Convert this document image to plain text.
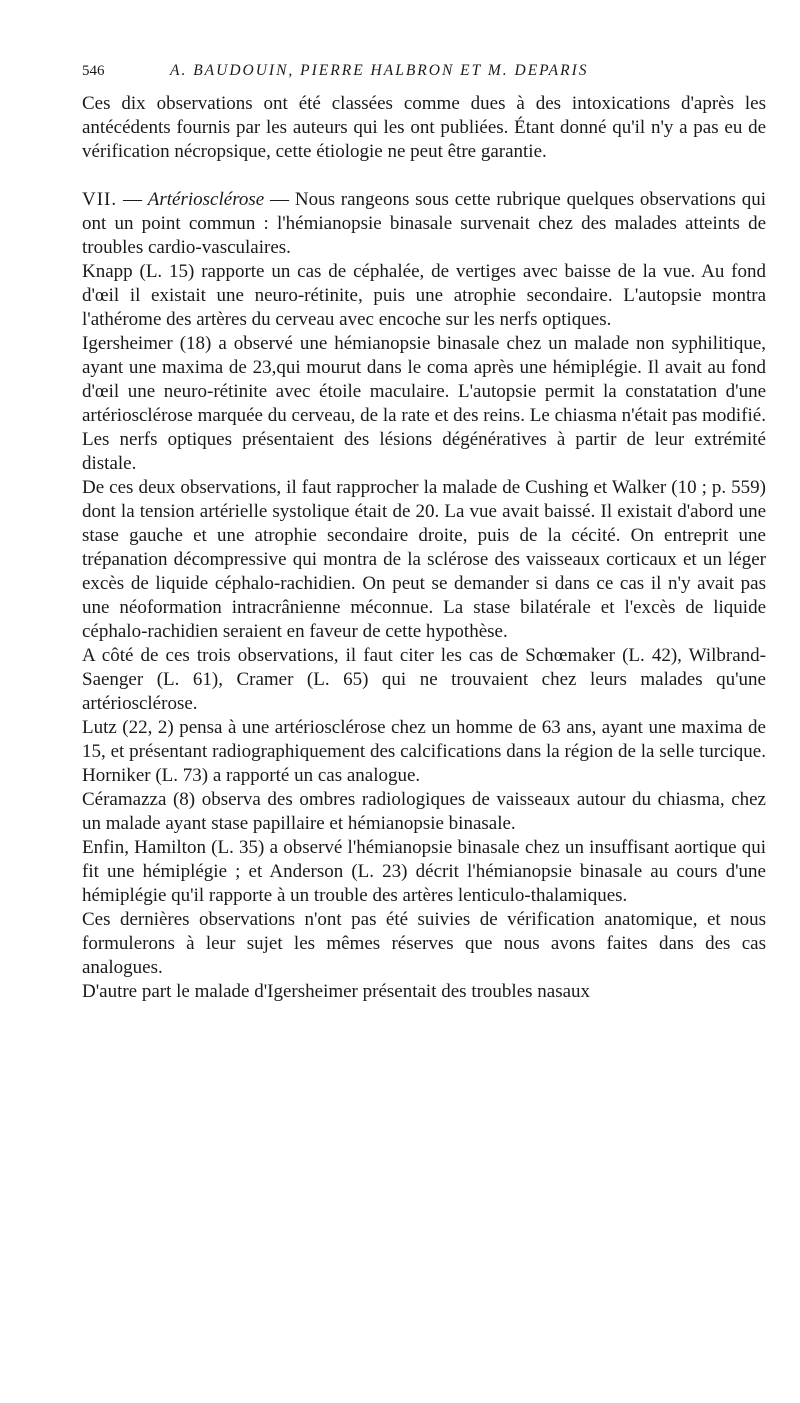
546	A. BAUDOUIN, PIERRE HALBRON ET M. DEPARIS

Ces dix observations ont été classées comme dues à des intoxications d'après les antécédents fournis par les auteurs qui les ont publiées. Étant donné qu'il n'y a pas eu de vérification nécropsique, cette étiologie ne peut être garantie.

VII. — Artériosclérose — Nous rangeons sous cette rubrique quelques observations qui ont un point commun : l'hémianopsie binasale survenait chez des malades atteints de troubles cardio-vasculaires.

Knapp (L. 15) rapporte un cas de céphalée, de vertiges avec baisse de la vue. Au fond d'œil il existait une neuro-rétinite, puis une atrophie secondaire. L'autopsie montra l'athérome des artères du cerveau avec encoche sur les nerfs optiques.

Igersheimer (18) a observé une hémianopsie binasale chez un malade non syphilitique, ayant une maxima de 23,qui mourut dans le coma après une hémiplégie. Il avait au fond d'œil une neuro-rétinite avec étoile maculaire. L'autopsie permit la constatation d'une artériosclérose marquée du cerveau, de la rate et des reins. Le chiasma n'était pas modifié. Les nerfs optiques présentaient des lésions dégénératives à partir de leur extrémité distale.

De ces deux observations, il faut rapprocher la malade de Cushing et Walker (10 ; p. 559) dont la tension artérielle systolique était de 20. La vue avait baissé. Il existait d'abord une stase gauche et une atrophie secondaire droite, puis de la cécité. On entreprit une trépanation décompressive qui montra de la sclérose des vaisseaux corticaux et un léger excès de liquide céphalo-rachidien. On peut se demander si dans ce cas il n'y avait pas une néoformation intracrânienne méconnue. La stase bilatérale et l'excès de liquide céphalo-rachidien seraient en faveur de cette hypothèse.

A côté de ces trois observations, il faut citer les cas de Schœmaker (L. 42), Wilbrand-Saenger (L. 61), Cramer (L. 65) qui ne trouvaient chez leurs malades qu'une artériosclérose.

Lutz (22, 2) pensa à une artériosclérose chez un homme de 63 ans, ayant une maxima de 15, et présentant radiographiquement des calcifications dans la région de la selle turcique. Horniker (L. 73) a rapporté un cas analogue.

Céramazza (8) observa des ombres radiologiques de vaisseaux autour du chiasma, chez un malade ayant stase papillaire et hémianopsie binasale.

Enfin, Hamilton (L. 35) a observé l'hémianopsie binasale chez un insuffisant aortique qui fit une hémiplégie ; et Anderson (L. 23) décrit l'hémianopsie binasale au cours d'une hémiplégie qu'il rapporte à un trouble des artères lenticulo-thalamiques.

Ces dernières observations n'ont pas été suivies de vérification anatomique, et nous formulerons à leur sujet les mêmes réserves que nous avons faites dans des cas analogues.

D'autre part le malade d'Igersheimer présentait des troubles nasaux
